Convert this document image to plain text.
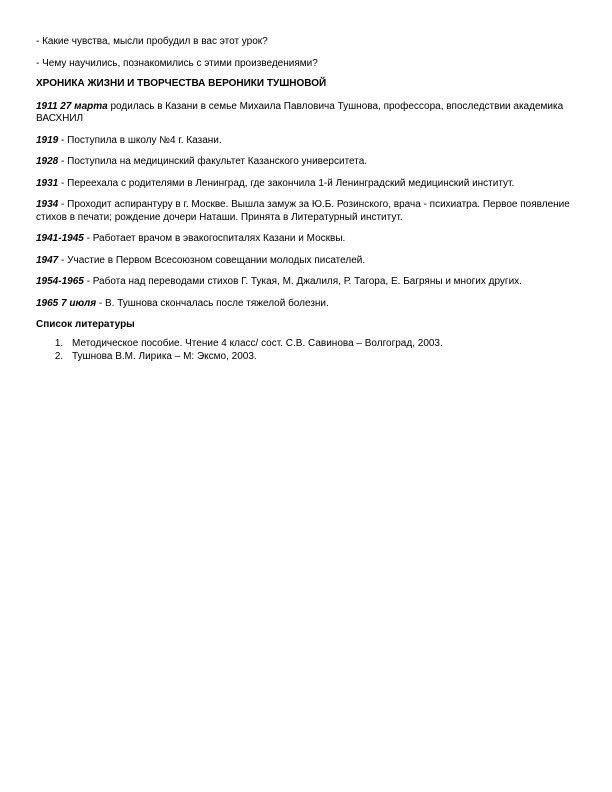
- Какие чувства, мысли пробудил в вас этот урок?

- Чему научились, познакомились с этими произведениями?

ХРОНИКА ЖИЗНИ И ТВОРЧЕСТВА ВЕРОНИКИ ТУШНОВОЙ

1911 27 марта родилась в Казани в семье Михаила Павловича Тушнова, профессора, впоследствии академика ВАСХНИЛ

1919 - Поступила в школу №4 г. Казани.

1928 - Поступила на медицинский факультет Казанского университета.

1931 - Переехала с родителями в Ленинград, где закончила 1-й Ленинградский медицинский институт.

1934 - Проходит аспирантуру в г. Москве. Вышла замуж за Ю.Б. Розинского, врача - психиатра. Первое появление стихов в печати; рождение дочери Наташи. Принята в Литературный институт.

1941-1945 - Работает врачом в эвакогоспиталях Казани и Москвы.

1947 - Участие в Первом Всесоюзном совещании молодых писателей.

1954-1965 - Работа над переводами стихов Г. Тукая, М. Джалиля, Р. Тагора, Е. Багряны и многих других.

1965 7 июля - В. Тушнова скончалась после тяжелой болезни.

Список литературы

1. Методическое пособие. Чтение 4 класс/ сост. С.В. Савинова – Волгоград, 2003.
2. Тушнова В.М. Лирика – М: Эксмо, 2003.
